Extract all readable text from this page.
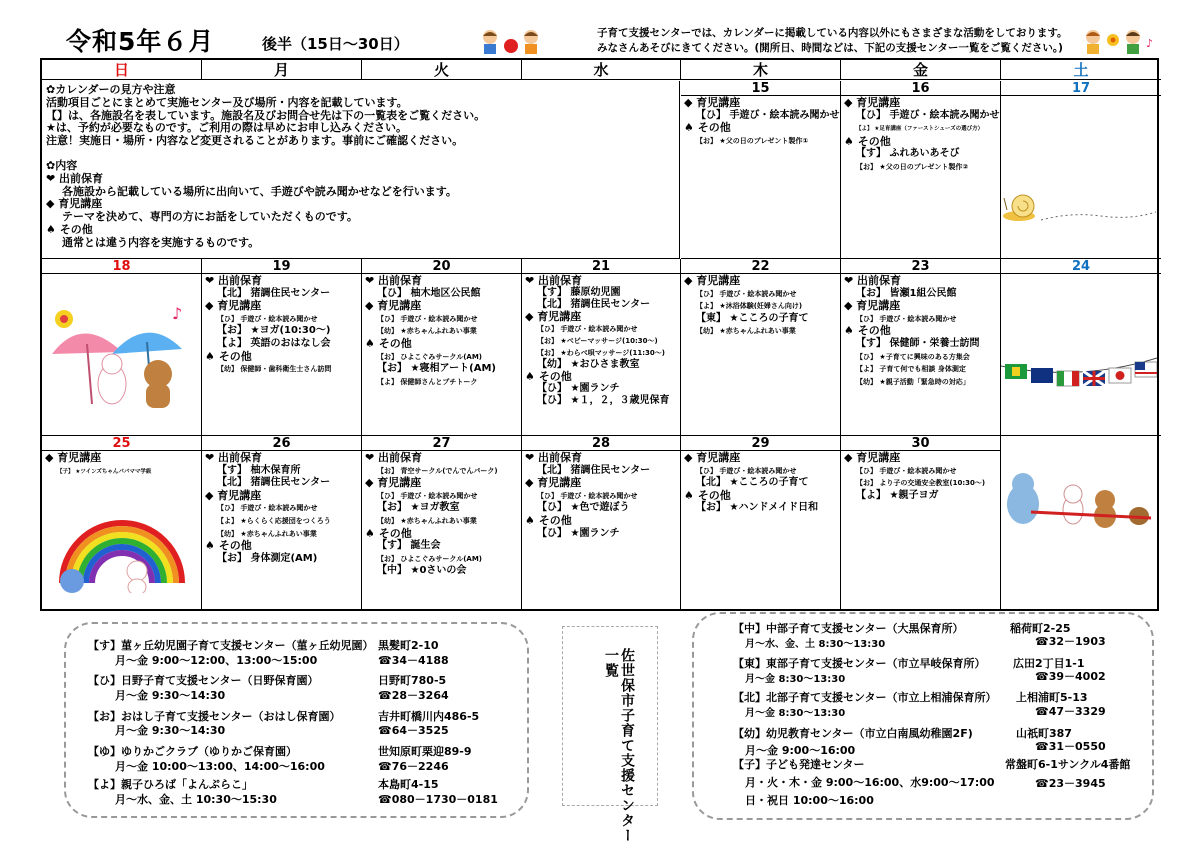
令和5年６月	後半（15日～30日）
子育て支援センターでは、カレンダーに掲載している内容以外にもさまざまな活動をしております。
みなさんあそびにきてください。(開所日、時間などは、下記の支援センター一覧をご覧ください。)	♪
日	月	火	水	木	金	土
✿カレンダーの見方や注意
活動項目ごとにまとめて実施センター及び場所・内容を記載しています。
【】は、各施設名を表しています。施設名及びお問合せ先は下の一覧表をご覧ください。
★は、予約が必要なものです。ご利用の際は早めにお申し込みください。
注意！実施日・場所・内容など変更されることがあります。事前にご確認ください。
✿内容
❤ 出前保育
各施設から記載している場所に出向いて、手遊びや読み聞かせなどを行います。
◆ 育児講座
テーマを決めて、専門の方にお話をしていただくものです。
♠ その他
通常とは違う内容を実施するものです。
15
◆ 育児講座
【ひ】 手遊び・絵本読み聞かせ
♠ その他
【お】 ★父の日のプレゼント製作①
16
◆ 育児講座
【ひ】 手遊び・絵本読み聞かせ
【よ】 ★足育講座（ファーストシューズの選び方）
♠ その他
【す】 ふれあいあそび
【お】 ★父の日のプレゼント製作②
17
18
♪
19
❤ 出前保育
【北】 猪調住民センター
◆ 育児講座
【ひ】 手遊び・絵本読み聞かせ
【お】 ★ヨガ(10:30～)
【よ】 英語のおはなし会
♠ その他
【幼】 保健師・歯科衛生士さん訪問
20
❤ 出前保育
【ひ】 柚木地区公民館
◆ 育児講座
【ひ】 手遊び・絵本読み聞かせ
【幼】 ★赤ちゃんふれあい事業
♠ その他
【お】 ひよこぐみサークル(AM)
【お】 ★寝相アート(AM)
【よ】 保健師さんとプチトーク
21
❤ 出前保育
【す】 藤原幼児園
【北】 猪調住民センター
◆ 育児講座
【ひ】 手遊び・絵本読み聞かせ
【お】 ★ベビーマッサージ(10:30～)
【お】 ★わらべ唄マッサージ(11:30～)
【幼】 ★おひさま教室
♠ その他
【ひ】 ★園ランチ
【ひ】 ★１，２，３歳児保育
22
◆ 育児講座
【ひ】 手遊び・絵本読み聞かせ
【よ】 ★沐浴体験(妊婦さん向け)
【東】 ★こころの子育て
【幼】 ★赤ちゃんふれあい事業
23
❤ 出前保育
【お】 皆瀬1組公民館
◆ 育児講座
【ひ】 手遊び・絵本読み聞かせ
♠ その他
【す】 保健師・栄養士訪問
【ひ】 ★子育てに興味のある方集会
【よ】 子育て何でも相談 身体測定
【幼】 ★親子活動「緊急時の対応」
24
25
◆ 育児講座
【子】 ★ツインズちゃんパパママ学級
26
❤ 出前保育
【す】 柚木保育所
【北】 猪調住民センター
◆ 育児講座
【ひ】 手遊び・絵本読み聞かせ
【よ】 ★らくらく応援団をつくろう
【幼】 ★赤ちゃんふれあい事業
♠ その他
【お】 身体測定(AM)
27
❤ 出前保育
【お】 青空サークル(でんでんパーク)
◆ 育児講座
【ひ】 手遊び・絵本読み聞かせ
【お】 ★ヨガ教室
【幼】 ★赤ちゃんふれあい事業
♠ その他
【す】 誕生会
【お】 ひよこぐみサークル(AM)
【中】 ★0さいの会
28
❤ 出前保育
【北】 猪調住民センター
◆ 育児講座
【ひ】 手遊び・絵本読み聞かせ
【ひ】 ★色で遊ぼう
♠ その他
【ひ】 ★園ランチ
29
◆ 育児講座
【ひ】 手遊び・絵本読み聞かせ
【北】 ★こころの子育て
♠ その他
【お】 ★ハンドメイド日和
30
◆ 育児講座
【ひ】 手遊び・絵本読み聞かせ
【お】 より子の交通安全教室(10:30～)
【よ】 ★親子ヨガ
【す】菫ヶ丘幼児園子育て支援センター（菫ヶ丘幼児園） 黒髪町2-10
月～金 9:00～12:00、13:00～15:00	☎34－4188
【ひ】日野子育て支援センター（日野保育園）	日野町780-5
月～金 9:30～14:30	☎28－3264
【お】おはし子育て支援センター（おはし保育園）	吉井町橋川内486-5
月～金 9:30～14:30	☎64－3525
【ゆ】ゆりかごクラブ（ゆりかご保育園）	世知原町栗迎89-9
月～金 10:00～13:00、14:00～16:00	☎76－2246
【よ】親子ひろば「よんぷらこ」	本島町4-15
月～水、金、土 10:30～15:30	☎080－1730－0181	佐世保市子育て支援センター一覧
【中】中部子育て支援センター（大黒保育所）	稲荷町2-25
月～水、金、土 8:30～13:30	☎32－1903
【東】東部子育て支援センター（市立早岐保育所） 広田2丁目1-1
月～金 8:30～13:30	☎39－4002
【北】北部子育て支援センター（市立上相浦保育所） 上相浦町5-13
月～金 8:30～13:30	☎47－3329
【幼】幼児教育センター（市立白南風幼稚園2F)	山祇町387
月～金 9:00～16:00	☎31－0550
【子】子ども発達センター	常盤町6-1サンクル4番館
月・火・木・金 9:00～16:00、水9:00～17:00	☎23－3945
日・祝日 10:00～16:00
